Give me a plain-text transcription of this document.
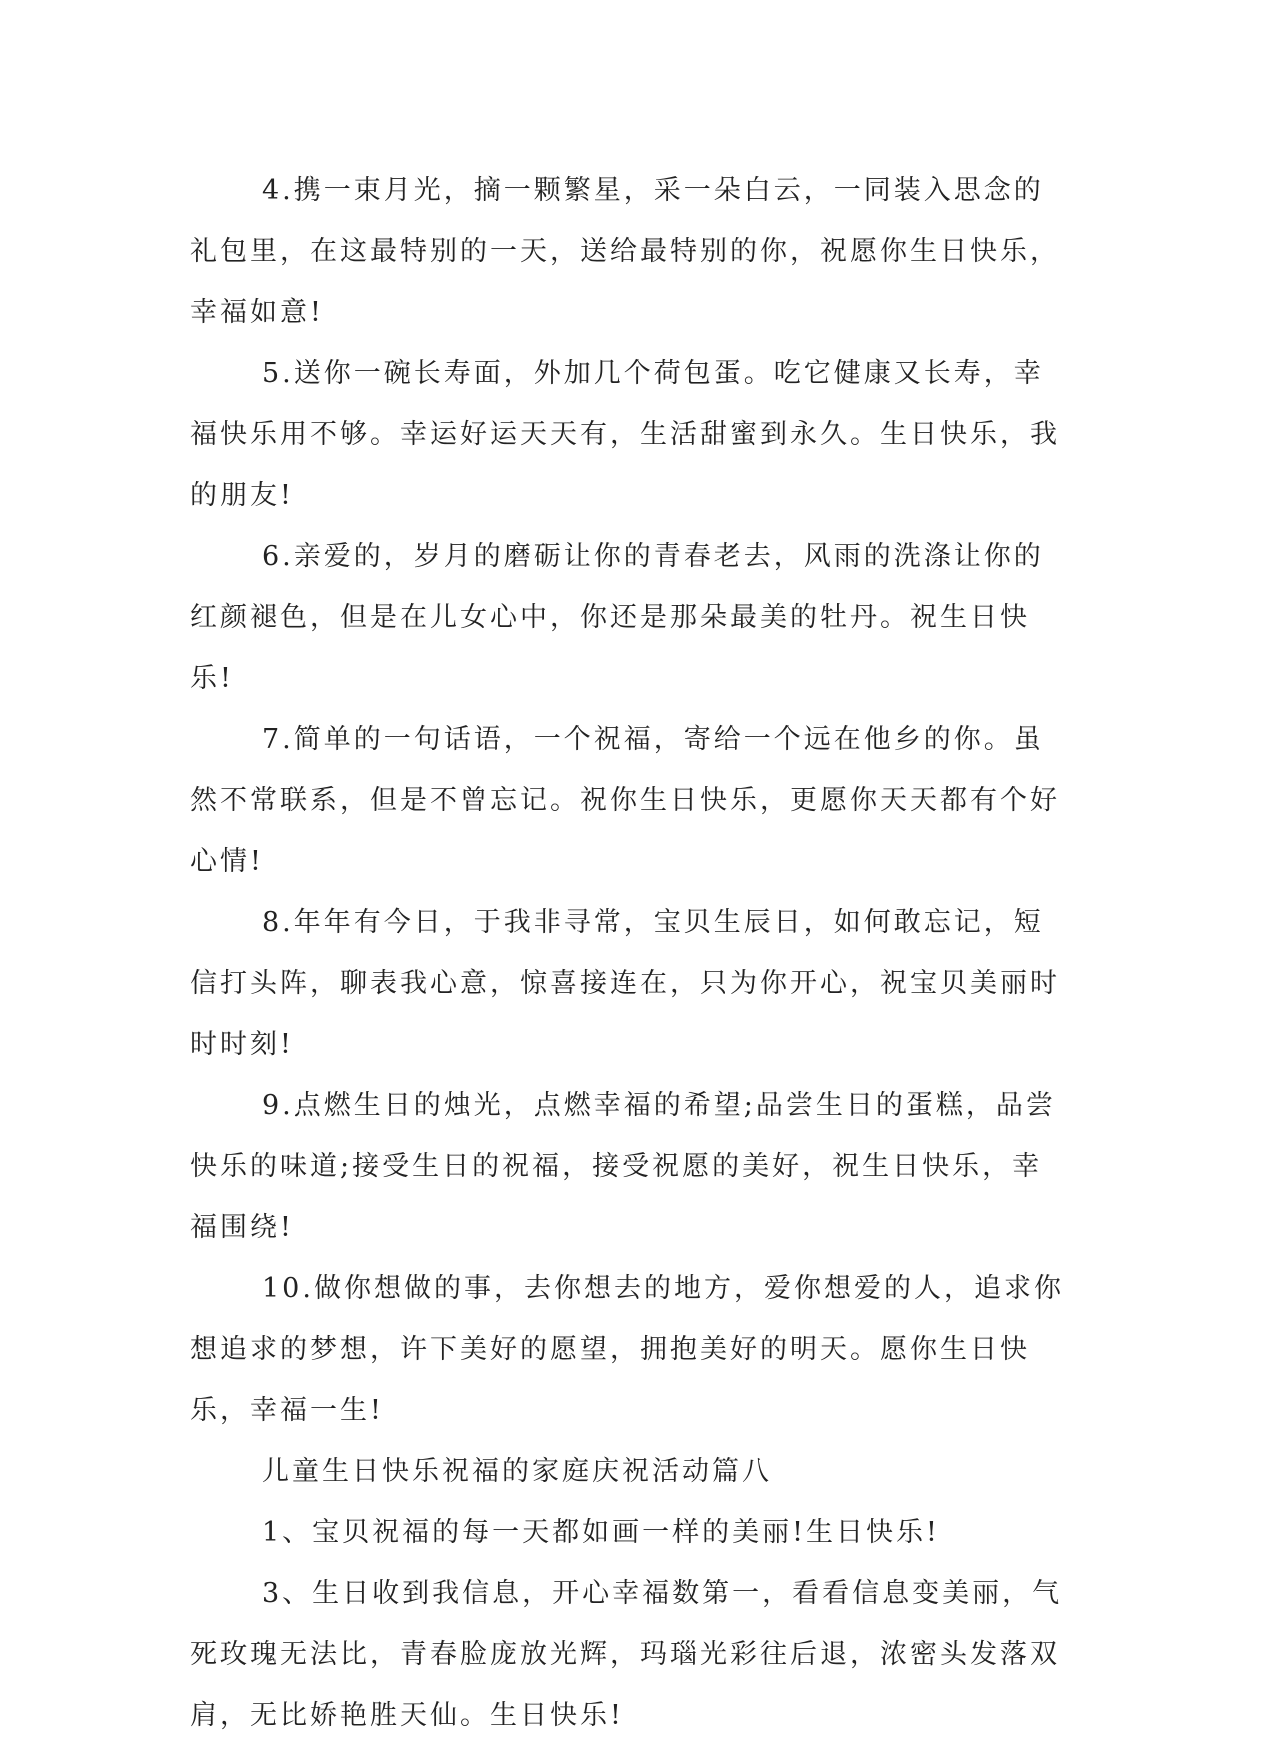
4.携一束月光，摘一颗繁星，采一朵白云，一同装入思念的礼包里，在这最特别的一天，送给最特别的你，祝愿你生日快乐，幸福如意!

5.送你一碗长寿面，外加几个荷包蛋。吃它健康又长寿，幸福快乐用不够。幸运好运天天有，生活甜蜜到永久。生日快乐，我的朋友!

6.亲爱的，岁月的磨砺让你的青春老去，风雨的洗涤让你的红颜褪色，但是在儿女心中，你还是那朵最美的牡丹。祝生日快乐!

7.简单的一句话语，一个祝福，寄给一个远在他乡的你。虽然不常联系，但是不曾忘记。祝你生日快乐，更愿你天天都有个好心情!

8.年年有今日，于我非寻常，宝贝生辰日，如何敢忘记，短信打头阵，聊表我心意，惊喜接连在，只为你开心，祝宝贝美丽时时时刻!

9.点燃生日的烛光，点燃幸福的希望;品尝生日的蛋糕，品尝快乐的味道;接受生日的祝福，接受祝愿的美好，祝生日快乐，幸福围绕!

10.做你想做的事，去你想去的地方，爱你想爱的人，追求你想追求的梦想，许下美好的愿望，拥抱美好的明天。愿你生日快乐，幸福一生!

儿童生日快乐祝福的家庭庆祝活动篇八

1、宝贝祝福的每一天都如画一样的美丽!生日快乐!

3、生日收到我信息，开心幸福数第一，看看信息变美丽，气死玫瑰无法比，青春脸庞放光辉，玛瑙光彩往后退，浓密头发落双肩，无比娇艳胜天仙。生日快乐!
